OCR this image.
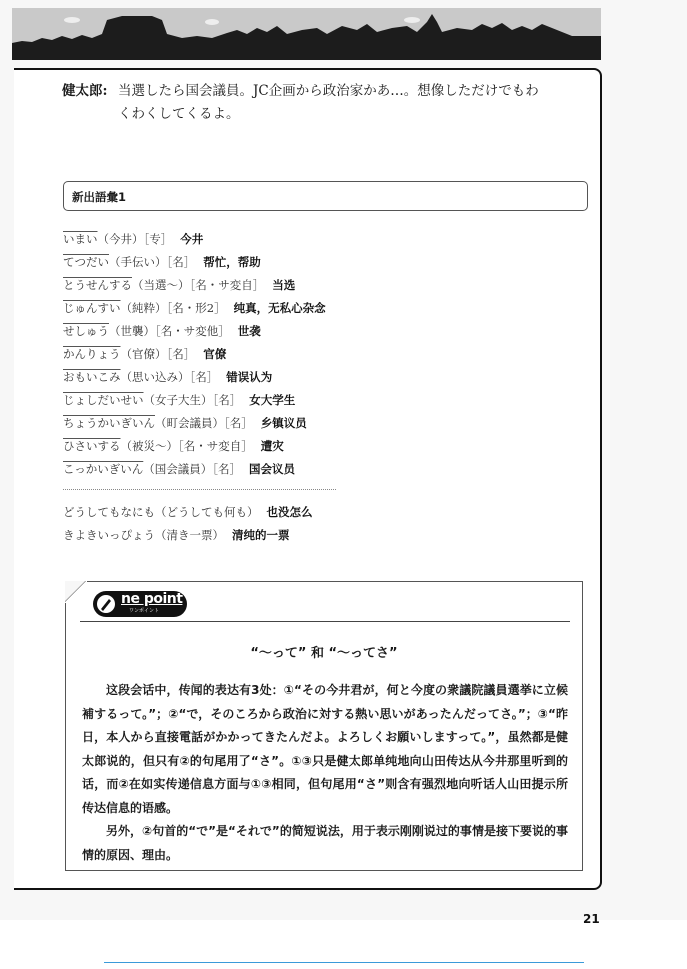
健太郎: 当選したら国会議員。JC企画から政治家かあ…。想像しただけでもわ
くわくしてくるよ。
新出語彙1
いまい（今井）［专］ 今井
てつだい（手伝い）［名］ 帮忙，帮助
とうせんする（当選～）［名・サ変自］ 当选
じゅんすい（純粋）［名・形2］ 纯真，无私心杂念
せしゅう（世襲）［名・サ変他］ 世袭
かんりょう（官僚）［名］ 官僚
おもいこみ（思い込み）［名］ 错误认为
じょしだいせい（女子大生）［名］ 女大学生
ちょうかいぎいん（町会議員）［名］ 乡镇议员
ひさいする（被災～）［名・サ変自］ 遭灾
こっかいぎいん（国会議員）［名］ 国会议员
どうしてもなにも（どうしても何も） 也没怎么
きよきいっぴょう（清き一票） 清纯的一票
ne point
ワンポイント
“～って” 和 “～ってさ”

这段会话中，传闻的表达有3处：①“その今井君が，何と今度の衆議院議員選挙に立候補するって。”；②“で，そのころから政治に対する熱い思いがあったんだってさ。”；③“昨日，本人から直接電話がかかってきたんだよ。よろしくお願いしますって。”，虽然都是健太郎说的，但只有②的句尾用了“さ”。①③只是健太郎单纯地向山田传达从今井那里听到的话，而②在如实传递信息方面与①③相同，但句尾用“さ”则含有强烈地向听话人山田提示所传达信息的语感。

另外，②句首的“で”是“それで”的简短说法，用于表示刚刚说过的事情是接下要说的事情的原因、理由。

21
